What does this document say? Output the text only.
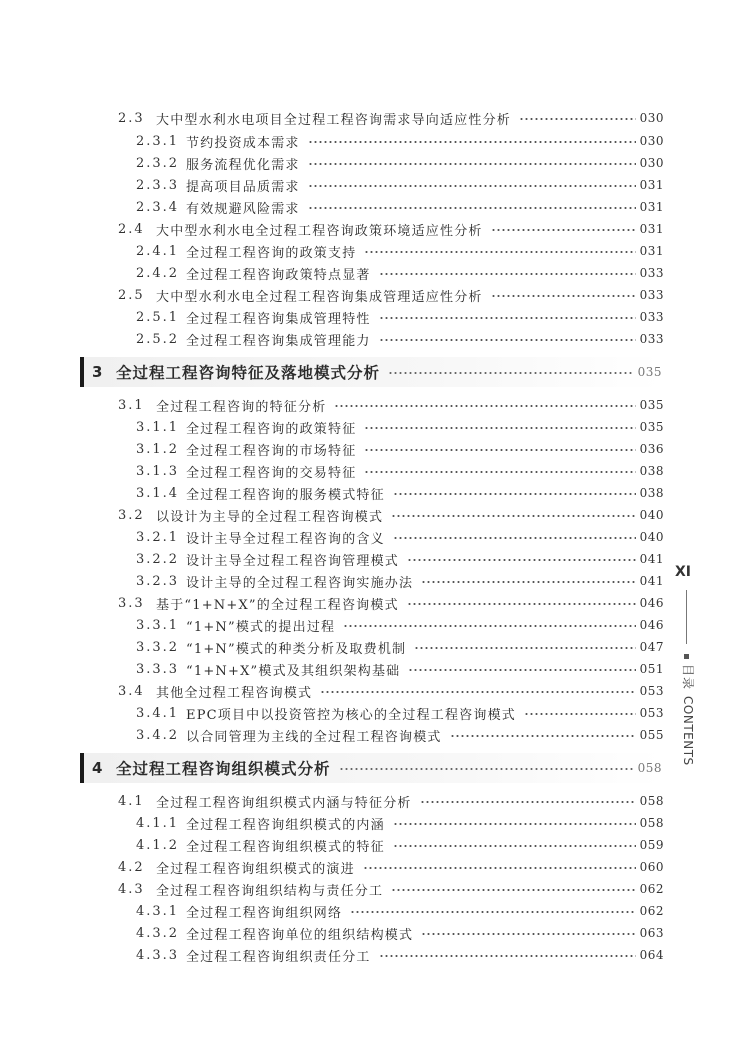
2.3 大中型水利水电项目全过程工程咨询需求导向适应性分析	030
2.3.1 节约投资成本需求	030
2.3.2 服务流程优化需求	030
2.3.3 提高项目品质需求	031
2.3.4 有效规避风险需求	031
2.4 大中型水利水电全过程工程咨询政策环境适应性分析	031
2.4.1 全过程工程咨询的政策支持	031
2.4.2 全过程工程咨询政策特点显著	033
2.5 大中型水利水电全过程工程咨询集成管理适应性分析	033
2.5.1 全过程工程咨询集成管理特性	033
2.5.2 全过程工程咨询集成管理能力	033
3 全过程工程咨询特征及落地模式分析	035
3.1 全过程工程咨询的特征分析	035
3.1.1 全过程工程咨询的政策特征	035
3.1.2 全过程工程咨询的市场特征	036
3.1.3 全过程工程咨询的交易特征	038
3.1.4 全过程工程咨询的服务模式特征	038
3.2 以设计为主导的全过程工程咨询模式	040
3.2.1 设计主导全过程工程咨询的含义	040
3.2.2 设计主导全过程工程咨询管理模式	041
3.2.3 设计主导的全过程工程咨询实施办法	041
3.3 基于“1+N+X”的全过程工程咨询模式	046
3.3.1 “1+N”模式的提出过程	046
3.3.2 “1+N”模式的种类分析及取费机制	047
3.3.3 “1+N+X”模式及其组织架构基础	051
3.4 其他全过程工程咨询模式	053
3.4.1 EPC项目中以投资管控为核心的全过程工程咨询模式	053
3.4.2 以合同管理为主线的全过程工程咨询模式	055
4 全过程工程咨询组织模式分析	058
4.1 全过程工程咨询组织模式内涵与特征分析	058
4.1.1 全过程工程咨询组织模式的内涵	058
4.1.2 全过程工程咨询组织模式的特征	059
4.2 全过程工程咨询组织模式的演进	060
4.3 全过程工程咨询组织结构与责任分工	062
4.3.1 全过程工程咨询组织网络	062
4.3.2 全过程工程咨询单位的组织结构模式	063
4.3.3 全过程工程咨询组织责任分工	064
XI
目录CONTENTS
